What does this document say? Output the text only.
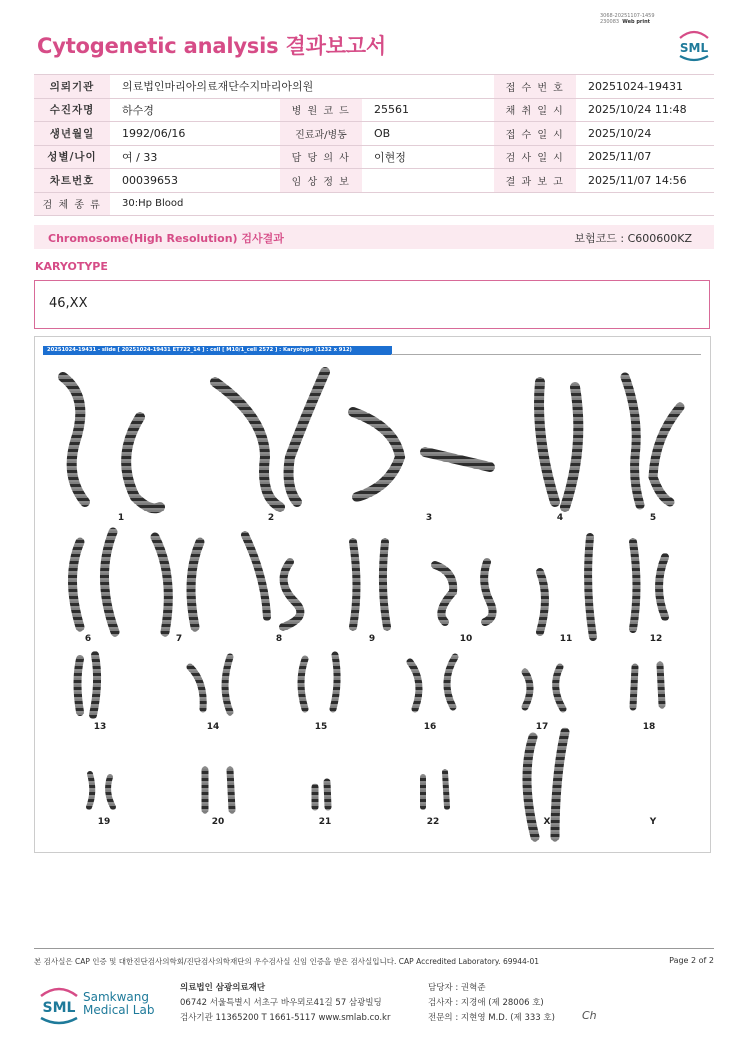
3068-20251107-1459
230083 Web print
Cytogenetic analysis 결과보고서	SML
의뢰기관	의료법인마리아의료재단수지마리아의원			접 수 번 호	20251024-19431
수진자명	하수경	병 원 코 드	25561	채 취 일 시	2025/10/24 11:48
생년월일	1992/06/16	진료과/병동	OB	접 수 일 시	2025/10/24
성별/나이	여 / 33	담 당 의 사	이현정	검 사 일 시	2025/11/07
차트번호	00039653	임 상 정 보		결 과 보 고	2025/11/07 14:56
검 체 종 류	30:Hp Blood				
Chromosome(High Resolution) 검사결과	보험코드 : C600600KZ
KARYOTYPE
46,XX
20251024-19431 - slide [ 20251024-19431 ET722_14 ] : cell [ M10/1_cell 2572 ] : Karyotype (1232 x 912)
1	2	3	4	5
6	7	8	9	10	11	12
13	14	15	16	17	18
19	20	21	22	X	Y
본 검사실은 CAP 인증 및 대한진단검사의학회/진단검사의학재단의 우수검사실 신임 인증을 받은 검사실입니다. CAP Accredited Laboratory. 69944-01	Page 2 of 2
SML
Samkwang
Medical Lab
의료법인 삼광의료재단
06742 서울특별시 서초구 바우뫼로41길 57 삼광빌딩
검사기관 11365200 T 1661-5117 www.smlab.co.kr
담당자 : 권혁준
검사자 : 지경애 (제 28006 호)
전문의 : 지현영 M.D. (제 333 호) Ch
